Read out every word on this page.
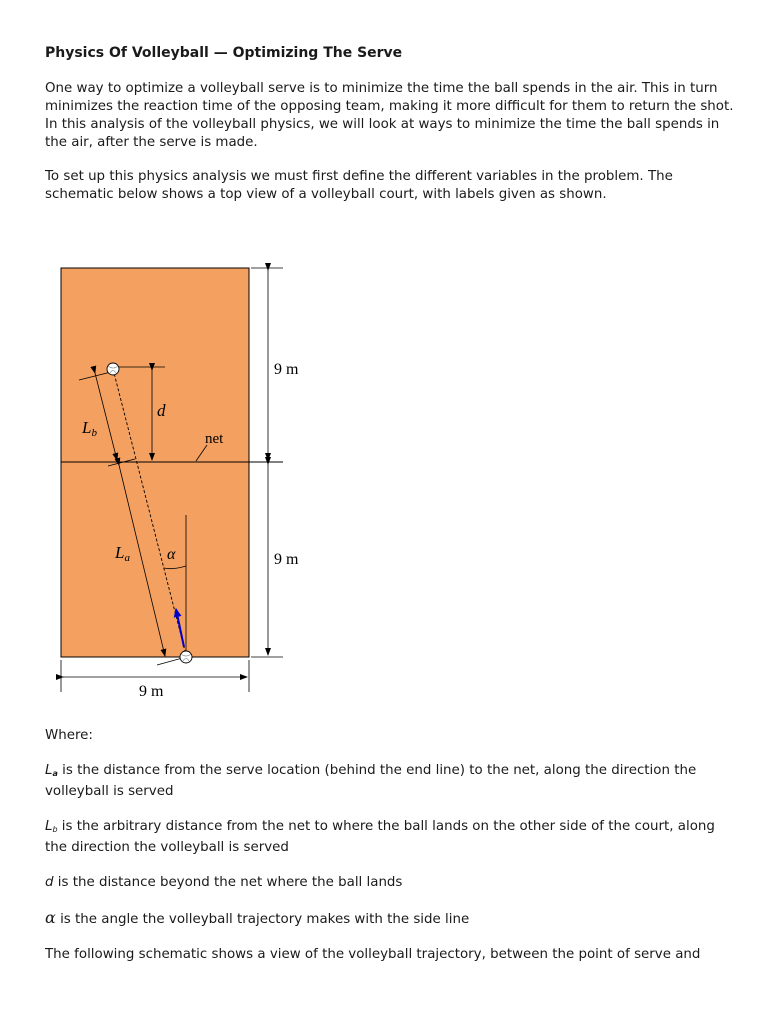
Physics Of Volleyball — Optimizing The Serve

One way to optimize a volleyball serve is to minimize the time the ball spends in the air. This in turn minimizes the reaction time of the opposing team, making it more difficult for them to return the shot. In this analysis of the volleyball physics, we will look at ways to minimize the time the ball spends in the air, after the serve is made.

To set up this physics analysis we must first define the different variables in the problem. The schematic below shows a top view of a volleyball court, with labels given as shown.

net
9 m
9 m
9 m
d
Lb
La α

Where:

$L_a$ is the distance from the serve location (behind the end line) to the net, along the direction the volleyball is served

$L_b$ is the arbitrary distance from the net to where the ball lands on the other side of the court, along the direction the volleyball is served

d is the distance beyond the net where the ball lands

α is the angle the volleyball trajectory makes with the side line

The following schematic shows a view of the volleyball trajectory, between the point of serve and
